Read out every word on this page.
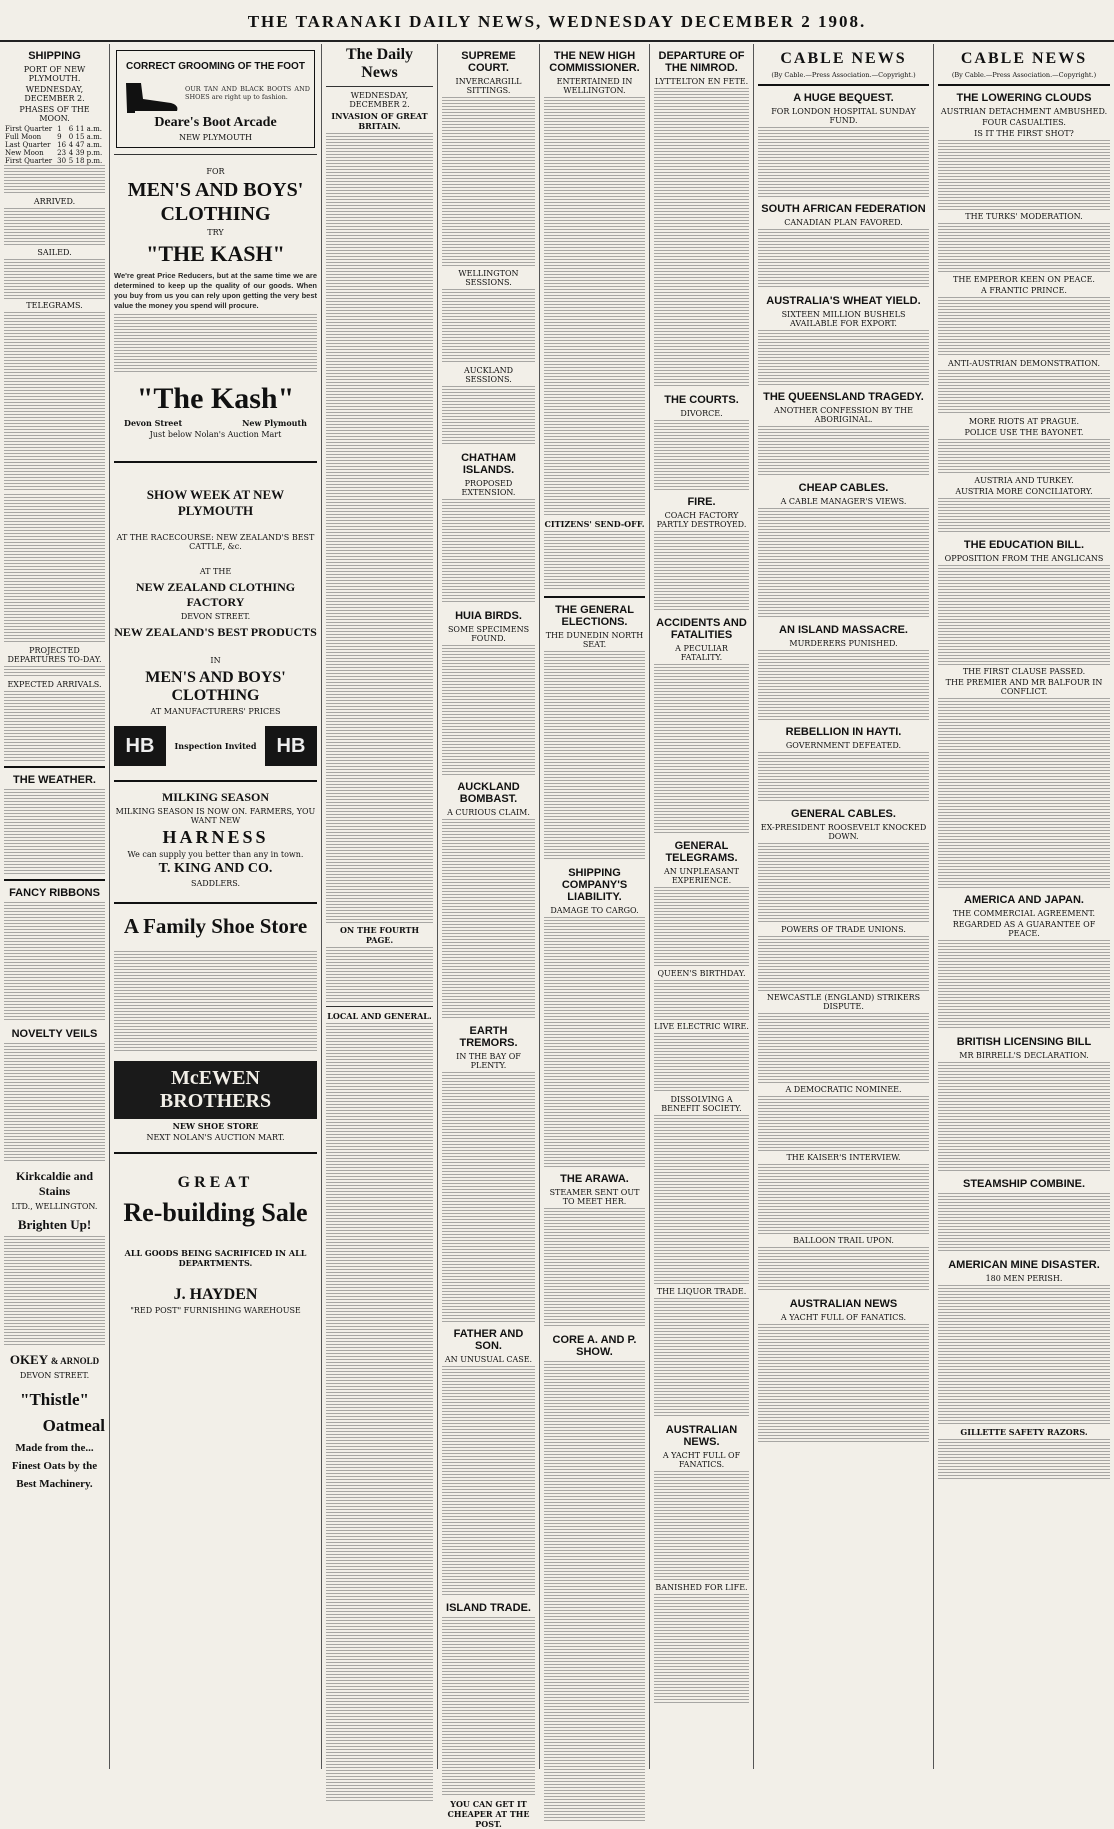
THE TARANAKI DAILY NEWS, WEDNESDAY DECEMBER 2 1908.
SHIPPING
PORT OF NEW PLYMOUTH.
WEDNESDAY, DECEMBER 2.
PHASES OF THE MOON.
First Quarter	1	6	11 a.m.
Full Moon	9	0	15 a.m.
Last Quarter	16	4	47 a.m.
New Moon	23	4	39 p.m.
First Quarter	30	5	18 p.m.
ARRIVED.
SAILED.
TELEGRAMS.
PROJECTED DEPARTURES TO-DAY.
EXPECTED ARRIVALS.
THE WEATHER.
FANCY RIBBONS
NOVELTY VEILS
Kirkcaldie and Stains
LTD., WELLINGTON.
Brighten Up!
OKEY & ARNOLD
DEVON STREET.
"Thistle"
Oatmeal
Made from the...
Finest Oats by the
Best Machinery.
CORRECT GROOMING OF THE FOOT
OUR TAN AND BLACK BOOTS AND SHOES are right up to fashion.
Deare's Boot Arcade
NEW PLYMOUTH
FOR
MEN'S AND BOYS' CLOTHING
TRY
"THE KASH"
We're great Price Reducers, but at the same time we are determined to keep up the quality of our goods. When you buy from us you can rely upon getting the very best value the money you spend will procure.
"The Kash"
Devon Street	New Plymouth
Just below Nolan's Auction Mart
SHOW WEEK AT NEW PLYMOUTH
AT THE RACECOURSE: NEW ZEALAND'S BEST CATTLE, &c.
AT THE
NEW ZEALAND CLOTHING FACTORY
DEVON STREET.
NEW ZEALAND'S BEST PRODUCTS
IN
MEN'S AND BOYS' CLOTHING
AT MANUFACTURERS' PRICES
HB	Inspection Invited	HB
MILKING SEASON
MILKING SEASON IS NOW ON. FARMERS, YOU WANT NEW
HARNESS
We can supply you better than any in town.
T. KING AND CO.
SADDLERS.
A Family Shoe Store
McEWEN BROTHERS
NEW SHOE STORE
NEXT NOLAN'S AUCTION MART.
GREAT
Re-building Sale
ALL GOODS BEING SACRIFICED IN ALL DEPARTMENTS.
J. HAYDEN
"RED POST" FURNISHING WAREHOUSE
The Daily News
WEDNESDAY, DECEMBER 2.
INVASION OF GREAT BRITAIN.
ON THE FOURTH PAGE.
LOCAL AND GENERAL.
SUPREME COURT.
INVERCARGILL SITTINGS.
WELLINGTON SESSIONS.
AUCKLAND SESSIONS.
CHATHAM ISLANDS.
PROPOSED EXTENSION.
HUIA BIRDS.
SOME SPECIMENS FOUND.
AUCKLAND BOMBAST.
A CURIOUS CLAIM.
EARTH TREMORS.
IN THE BAY OF PLENTY.
FATHER AND SON.
AN UNUSUAL CASE.
ISLAND TRADE.
YOU CAN GET IT CHEAPER AT THE POST.
THE NEW HIGH COMMISSIONER.
ENTERTAINED IN WELLINGTON.
CITIZENS' SEND-OFF.
THE GENERAL ELECTIONS.
THE DUNEDIN NORTH SEAT.
SHIPPING COMPANY'S LIABILITY.
DAMAGE TO CARGO.
THE ARAWA.
STEAMER SENT OUT TO MEET HER.
CORE A. AND P. SHOW.
DEPARTURE OF THE NIMROD.
LYTTELTON EN FETE.
THE COURTS.
DIVORCE.
FIRE.
COACH FACTORY PARTLY DESTROYED.
ACCIDENTS AND FATALITIES
A PECULIAR FATALITY.
GENERAL TELEGRAMS.
AN UNPLEASANT EXPERIENCE.
QUEEN'S BIRTHDAY.
LIVE ELECTRIC WIRE.
DISSOLVING A BENEFIT SOCIETY.
THE LIQUOR TRADE.
AUSTRALIAN NEWS.
A YACHT FULL OF FANATICS.
BANISHED FOR LIFE.
CABLE NEWS
(By Cable.—Press Association.—Copyright.)
A HUGE BEQUEST.
FOR LONDON HOSPITAL SUNDAY FUND.
SOUTH AFRICAN FEDERATION
CANADIAN PLAN FAVORED.
AUSTRALIA'S WHEAT YIELD.
SIXTEEN MILLION BUSHELS AVAILABLE FOR EXPORT.
THE QUEENSLAND TRAGEDY.
ANOTHER CONFESSION BY THE ABORIGINAL.
CHEAP CABLES.
A CABLE MANAGER'S VIEWS.
AN ISLAND MASSACRE.
MURDERERS PUNISHED.
REBELLION IN HAYTI.
GOVERNMENT DEFEATED.
GENERAL CABLES.
EX-PRESIDENT ROOSEVELT KNOCKED DOWN.
POWERS OF TRADE UNIONS.
NEWCASTLE (ENGLAND) STRIKERS DISPUTE.
A DEMOCRATIC NOMINEE.
THE KAISER'S INTERVIEW.
BALLOON TRAIL UPON.
AUSTRALIAN NEWS
A YACHT FULL OF FANATICS.
CABLE NEWS
(By Cable.—Press Association.—Copyright.)
THE LOWERING CLOUDS
AUSTRIAN DETACHMENT AMBUSHED.
FOUR CASUALTIES.
IS IT THE FIRST SHOT?
THE TURKS' MODERATION.
THE EMPEROR KEEN ON PEACE.
A FRANTIC PRINCE.
ANTI-AUSTRIAN DEMONSTRATION.
MORE RIOTS AT PRAGUE.
POLICE USE THE BAYONET.
AUSTRIA AND TURKEY.
AUSTRIA MORE CONCILIATORY.
THE EDUCATION BILL.
OPPOSITION FROM THE ANGLICANS
THE FIRST CLAUSE PASSED.
THE PREMIER AND MR BALFOUR IN CONFLICT.
AMERICA AND JAPAN.
THE COMMERCIAL AGREEMENT.
REGARDED AS A GUARANTEE OF PEACE.
BRITISH LICENSING BILL
MR BIRRELL'S DECLARATION.
STEAMSHIP COMBINE.
AMERICAN MINE DISASTER.
180 MEN PERISH.
GILLETTE SAFETY RAZORS.
